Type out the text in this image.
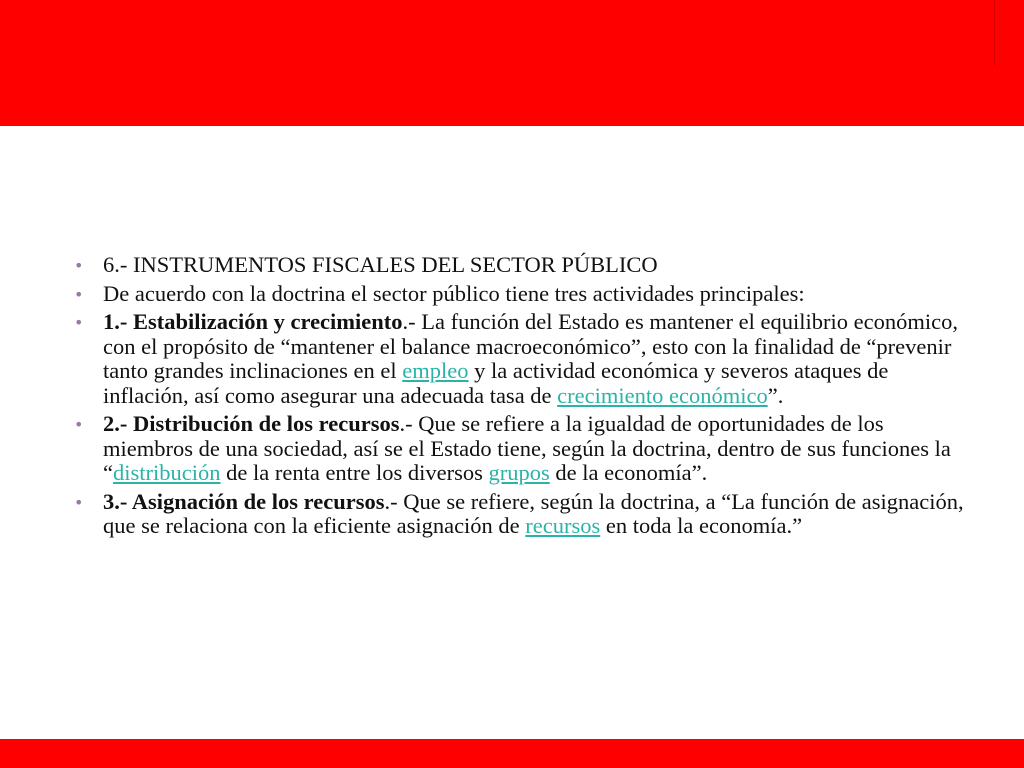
• 6.- INSTRUMENTOS FISCALES DEL SECTOR PÚBLICO
• De acuerdo con la doctrina el sector público tiene tres actividades principales:
• 1.- Estabilización y crecimiento.- La función del Estado es mantener el equilibrio económico, con el propósito de “mantener el balance macroeconómico”, esto con la finalidad de “prevenir tanto grandes inclinaciones en el empleo y la actividad económica y severos ataques de inflación, así como asegurar una adecuada tasa de crecimiento económico”.
• 2.- Distribución de los recursos.- Que se refiere a la igualdad de oportunidades de los miembros de una sociedad, así se el Estado tiene, según la doctrina, dentro de sus funciones la “distribución de la renta entre los diversos grupos de la economía”.
• 3.- Asignación de los recursos.- Que se refiere, según la doctrina, a “La función de asignación, que se relaciona con la eficiente asignación de recursos en toda la economía.”
